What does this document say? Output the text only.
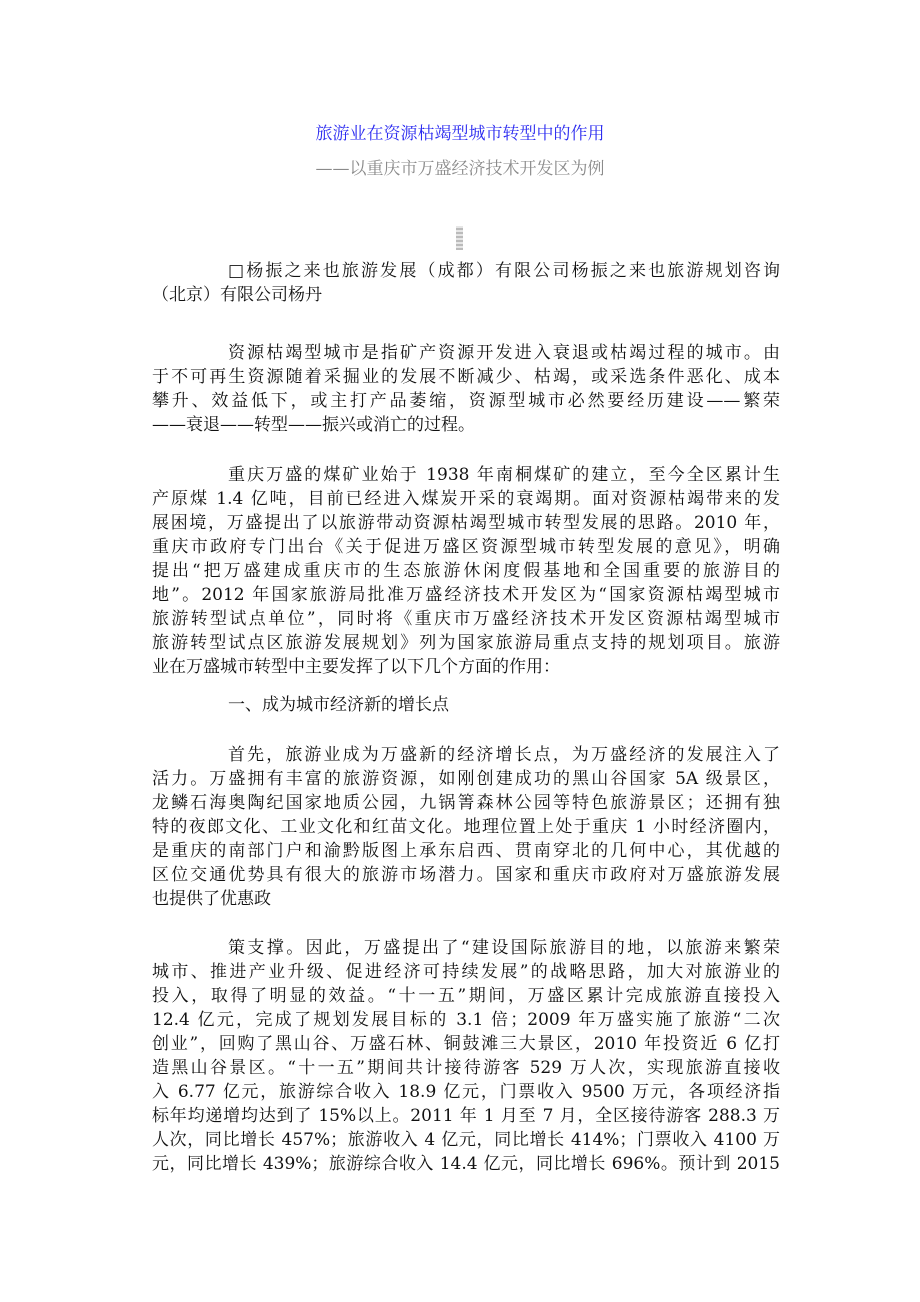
旅游业在资源枯竭型城市转型中的作用
——以重庆市万盛经济技术开发区为例
□杨振之来也旅游发展（成都）有限公司杨振之来也旅游规划咨询
（北京）有限公司杨丹
资源枯竭型城市是指矿产资源开发进入衰退或枯竭过程的城市。由
于不可再生资源随着采掘业的发展不断减少、枯竭，或采选条件恶化、成本
攀升、效益低下，或主打产品萎缩，资源型城市必然要经历建设——繁荣
——衰退——转型——振兴或消亡的过程。
重庆万盛的煤矿业始于 1938 年南桐煤矿的建立，至今全区累计生
产原煤 1.4 亿吨，目前已经进入煤炭开采的衰竭期。面对资源枯竭带来的发
展困境，万盛提出了以旅游带动资源枯竭型城市转型发展的思路。2010 年，
重庆市政府专门出台《关于促进万盛区资源型城市转型发展的意见》，明确
提出“把万盛建成重庆市的生态旅游休闲度假基地和全国重要的旅游目的
地”。2012 年国家旅游局批准万盛经济技术开发区为“国家资源枯竭型城市
旅游转型试点单位”，同时将《重庆市万盛经济技术开发区资源枯竭型城市
旅游转型试点区旅游发展规划》列为国家旅游局重点支持的规划项目。旅游
业在万盛城市转型中主要发挥了以下几个方面的作用：
一、成为城市经济新的增长点
首先，旅游业成为万盛新的经济增长点，为万盛经济的发展注入了
活力。万盛拥有丰富的旅游资源，如刚创建成功的黑山谷国家 5A 级景区，
龙鳞石海奥陶纪国家地质公园，九锅箐森林公园等特色旅游景区；还拥有独
特的夜郎文化、工业文化和红苗文化。地理位置上处于重庆 1 小时经济圈内，
是重庆的南部门户和渝黔版图上承东启西、贯南穿北的几何中心，其优越的
区位交通优势具有很大的旅游市场潜力。国家和重庆市政府对万盛旅游发展
也提供了优惠政
策支撑。因此，万盛提出了“建设国际旅游目的地，以旅游来繁荣
城市、推进产业升级、促进经济可持续发展”的战略思路，加大对旅游业的
投入，取得了明显的效益。“十一五”期间，万盛区累计完成旅游直接投入
12.4 亿元，完成了规划发展目标的 3.1 倍；2009 年万盛实施了旅游“二次
创业”，回购了黑山谷、万盛石林、铜鼓滩三大景区，2010 年投资近 6 亿打
造黑山谷景区。“十一五”期间共计接待游客 529 万人次，实现旅游直接收
入 6.77 亿元，旅游综合收入 18.9 亿元，门票收入 9500 万元，各项经济指
标年均递增均达到了 15%以上。2011 年 1 月至 7 月，全区接待游客 288.3 万
人次，同比增长 457%；旅游收入 4 亿元，同比增长 414%；门票收入 4100 万
元，同比增长 439%；旅游综合收入 14.4 亿元，同比增长 696%。预计到 2015
